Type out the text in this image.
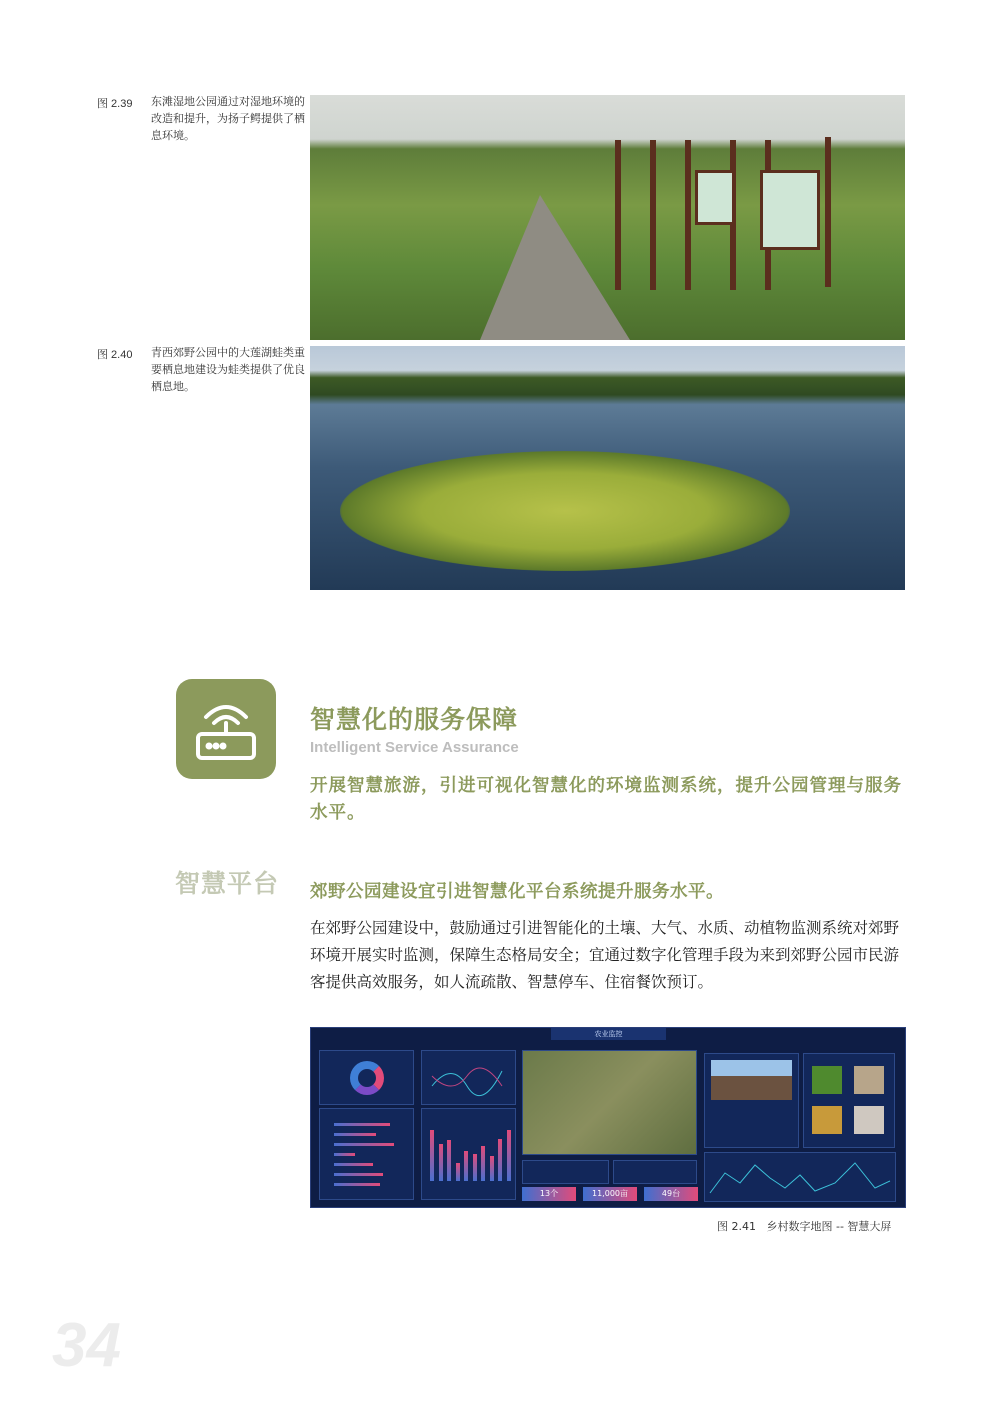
图 2.39 东滩湿地公园通过对湿地环境的改造和提升，为扬子鳄提供了栖息环境。
图 2.40 青西郊野公园中的大莲湖蛙类重要栖息地建设为蛙类提供了优良栖息地。
智慧化的服务保障
Intelligent Service Assurance
开展智慧旅游，引进可视化智慧化的环境监测系统，提升公园管理与服务水平。
智慧平台 郊野公园建设宜引进智慧化平台系统提升服务水平。
在郊野公园建设中，鼓励通过引进智能化的土壤、大气、水质、动植物监测系统对郊野环境开展实时监测，保障生态格局安全；宜通过数字化管理手段为来到郊野公园市民游客提供高效服务，如人流疏散、智慧停车、住宿餐饮预订。
农业监控
13个	11,000亩	49台
图 2.41 乡村数字地图 -- 智慧大屏
34
